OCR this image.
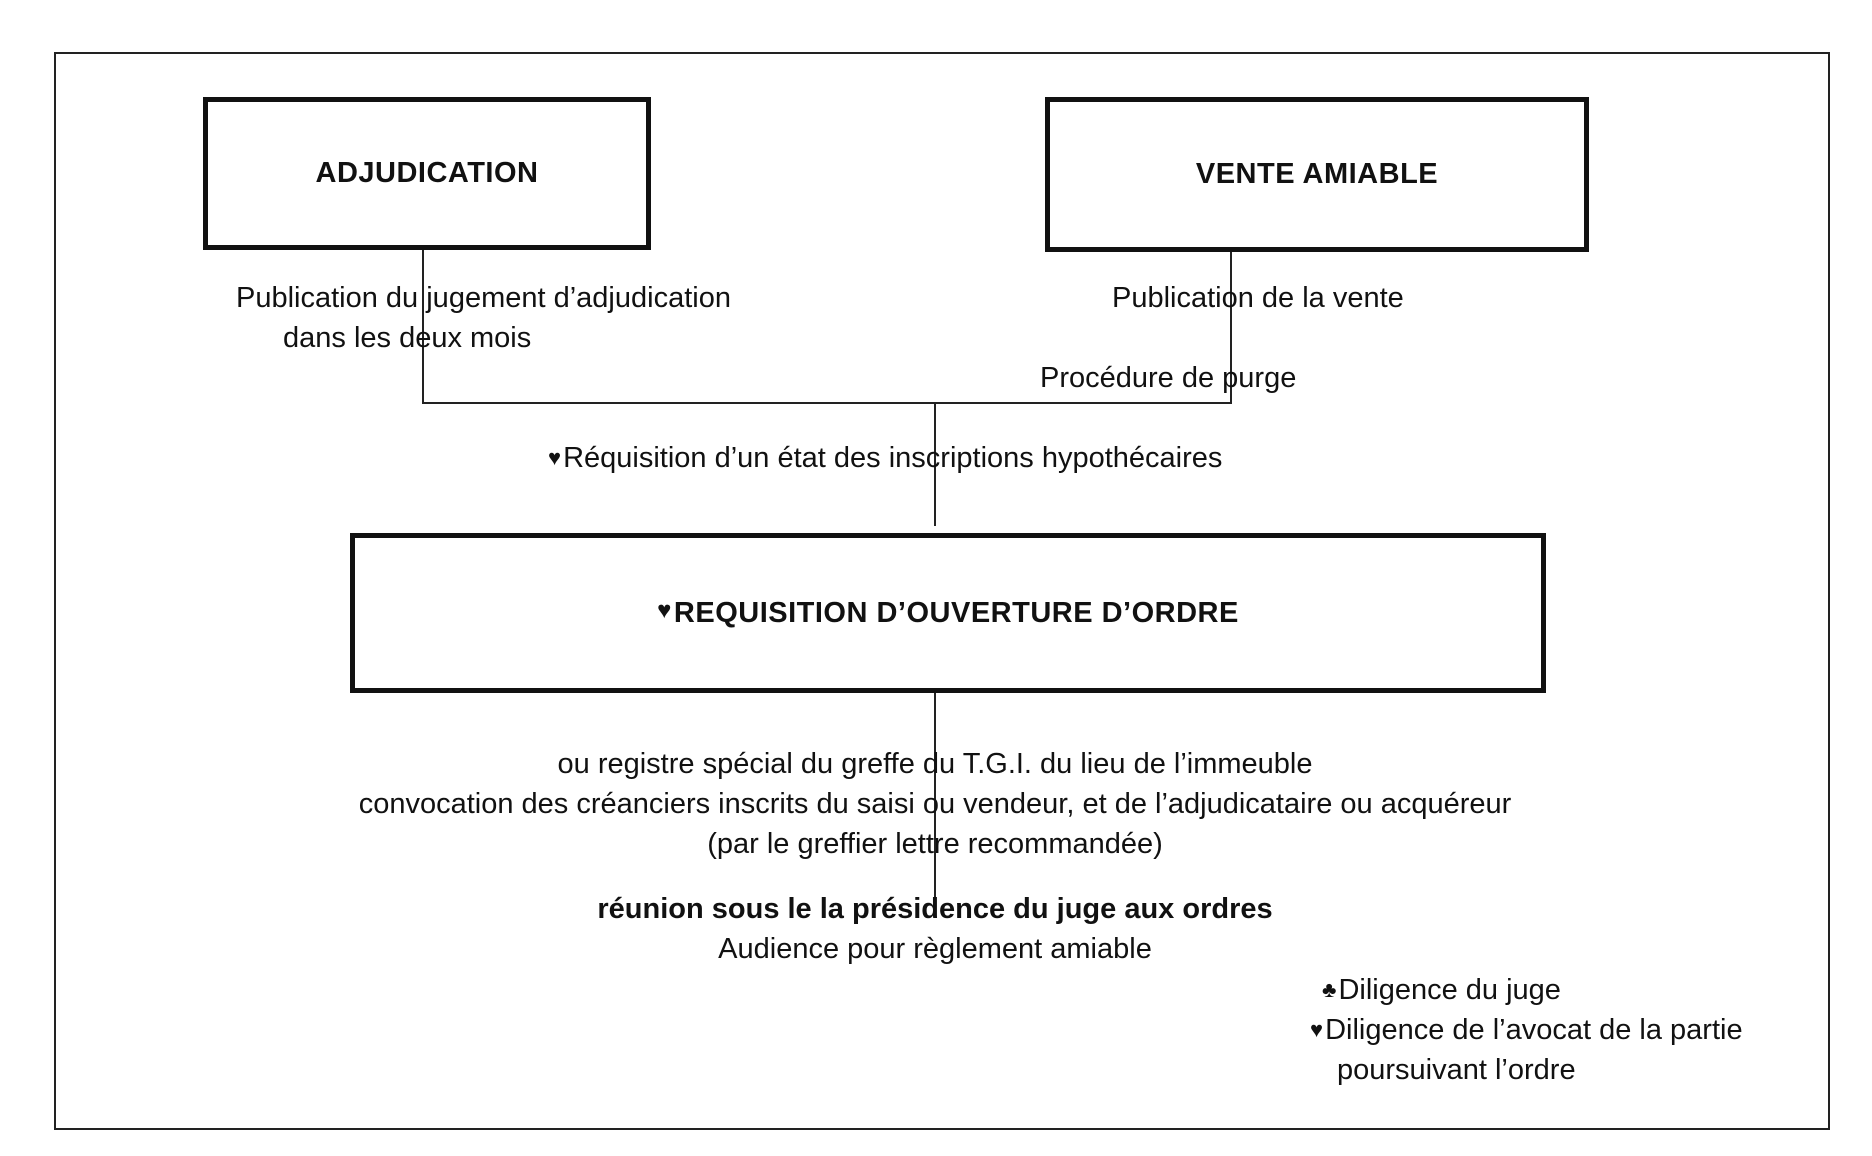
ADJUDICATION	VENTE AMIABLE
Publication du jugement d’adjudication
dans les deux mois
Publication de la vente
Procédure de purge
♥Réquisition d’un état des inscriptions hypothécaires
♥ REQUISITION D’OUVERTURE D’ORDRE
ou registre spécial du greffe du T.G.I. du lieu de l’immeuble
convocation des créanciers inscrits du saisi ou vendeur, et de l’adjudicataire ou acquéreur
(par le greffier lettre recommandée)
réunion sous le la présidence du juge aux ordres
Audience pour règlement amiable
♣Diligence du juge
♥Diligence de l’avocat de la partie
poursuivant l’ordre
